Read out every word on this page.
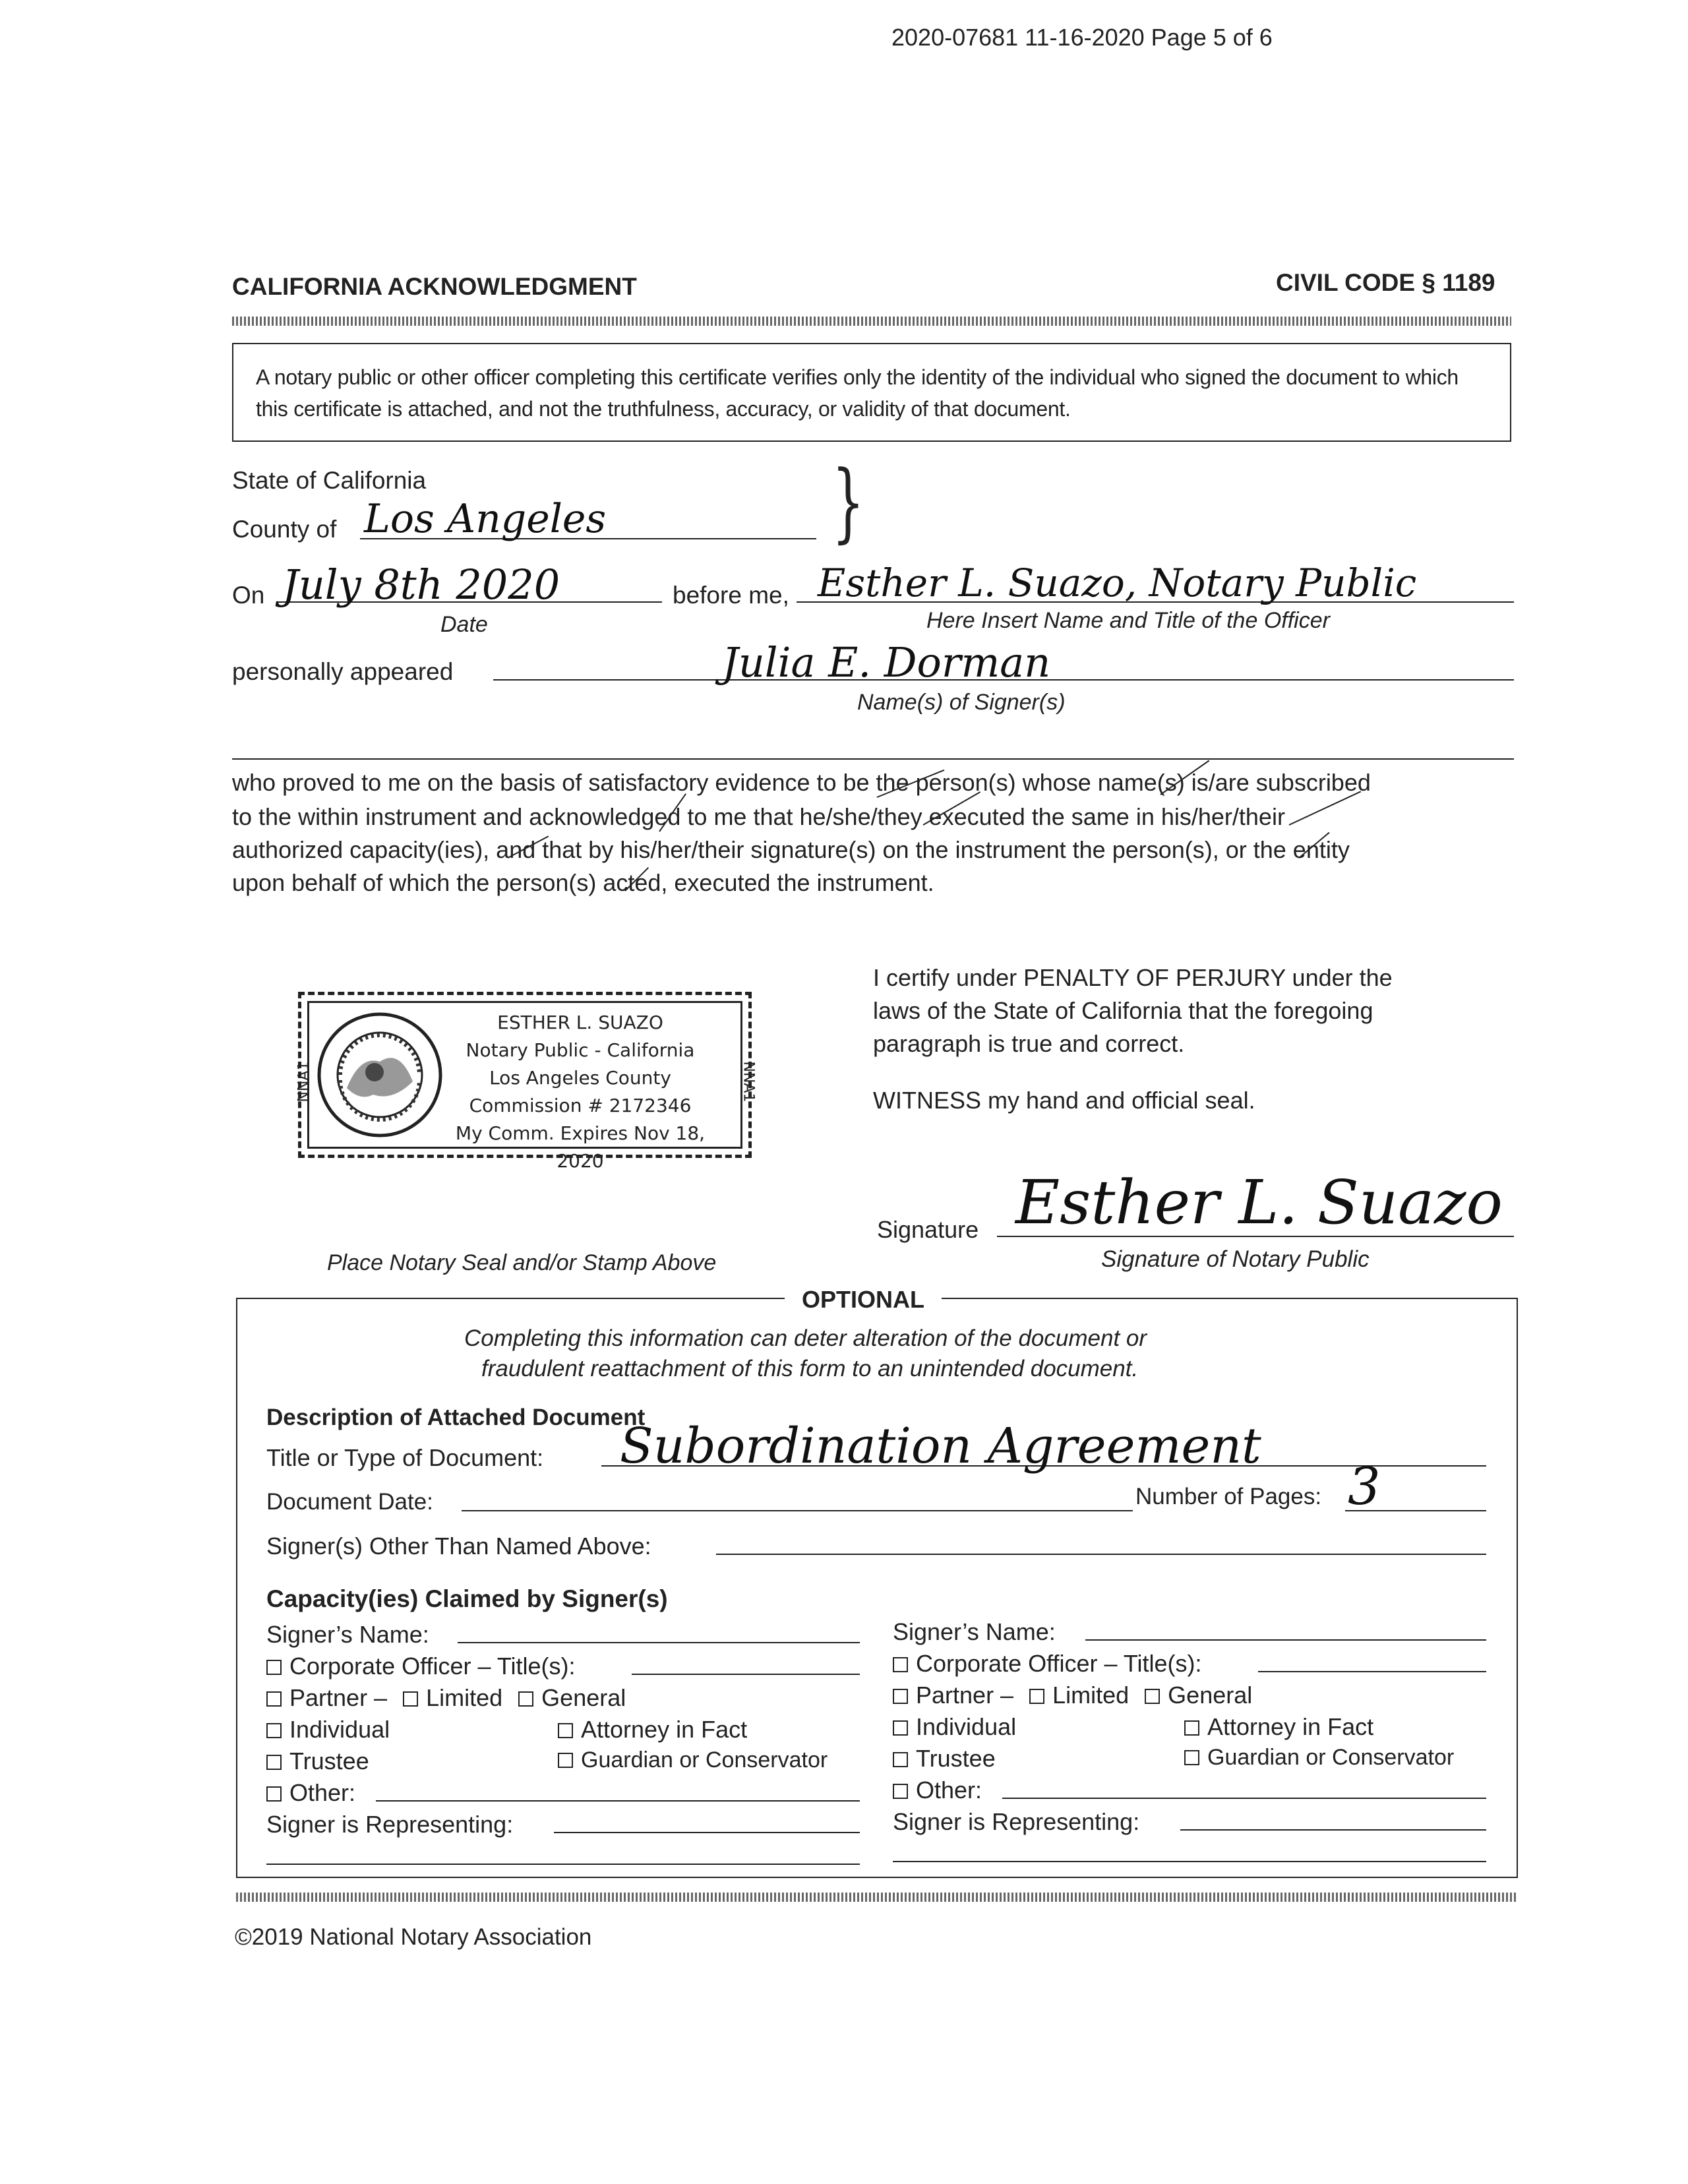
2020-07681 11-16-2020 Page 5 of 6
CALIFORNIA ACKNOWLEDGMENT	CIVIL CODE § 1189
A notary public or other officer completing this certificate verifies only the identity of the individual who signed the document to which this certificate is attached, and not the truthfulness, accuracy, or validity of that document.
State of California	}
County of Los Angeles
On July 8th 2020
Date
before me, Esther L. Suazo, Notary Public
Here Insert Name and Title of the Officer
personally appeared	Julia E. Dorman
Name(s) of Signer(s)
who proved to me on the basis of satisfactory evidence to be the person(s) whose name(s) is/are subscribed
to the within instrument and acknowledged to me that he/she/they executed the same in his/her/their
authorized capacity(ies), and that by his/her/their signature(s) on the instrument the person(s), or the entity
upon behalf of which the person(s) acted, executed the instrument.
ESTHER L. SUAZO
Notary Public - California
Los Angeles County
Commission # 2172346
My Comm. Expires Nov 18, 2020
NNA1	NNA1
I certify under PENALTY OF PERJURY under the
laws of the State of California that the foregoing
paragraph is true and correct.
WITNESS my hand and official seal.
Signature Esther L. Suazo
Signature of Notary Public
Place Notary Seal and/or Stamp Above
OPTIONAL
Completing this information can deter alteration of the document or
fraudulent reattachment of this form to an unintended document.
Description of Attached Document
Title or Type of Document: Subordination Agreement
Document Date:	Number of Pages: 3
Signer(s) Other Than Named Above:
Capacity(ies) Claimed by Signer(s)
Signer’s Name:
Corporate Officer – Title(s):
Partner – Limited General
Individual	Attorney in Fact
Trustee	Guardian or Conservator
Other:
Signer is Representing:
Signer’s Name:
Corporate Officer – Title(s):
Partner – Limited General
Individual	Attorney in Fact
Trustee	Guardian or Conservator
Other:
Signer is Representing:
©2019 National Notary Association
